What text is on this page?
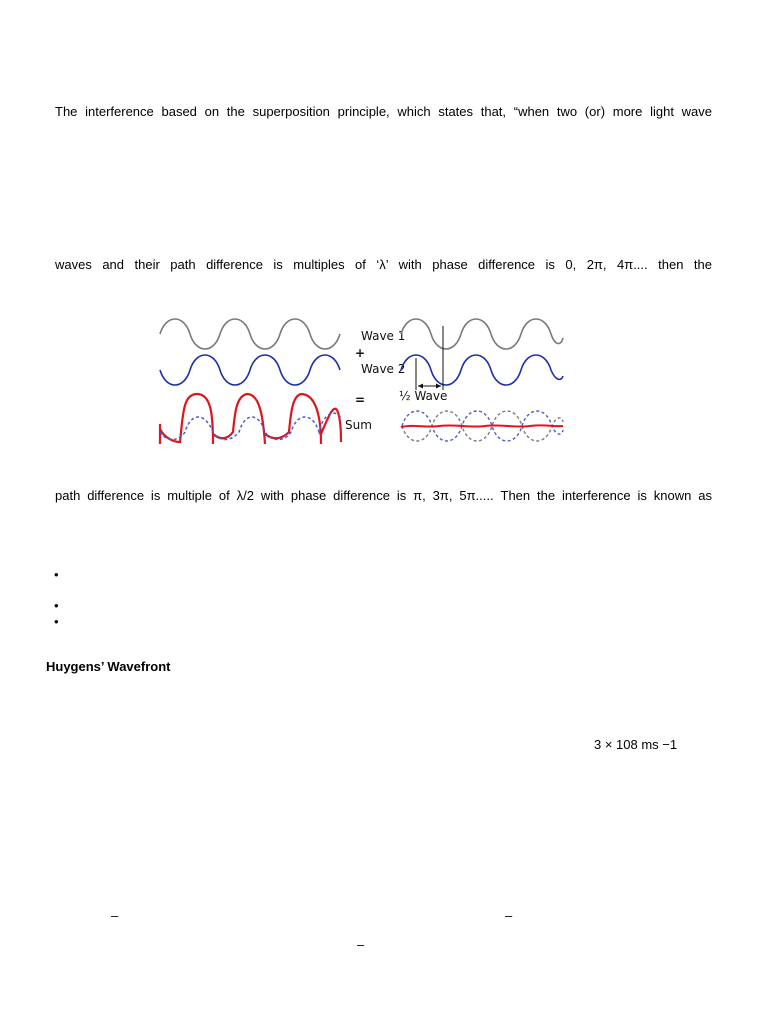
The interference based on the superposition principle, which states that, “when two (or) more light wave
waves and their path difference is multiples of ‘λ’ with phase difference is 0, 2π, 4π.... then the
Wave 1
+
Wave 2
=
Sum
½ Wave
path difference is multiple of λ/2 with phase difference is π, 3π, 5π..... Then the interference is known as
•
•
•
Huygens’ Wavefront
3 × 108 ms −1
–	–
–
